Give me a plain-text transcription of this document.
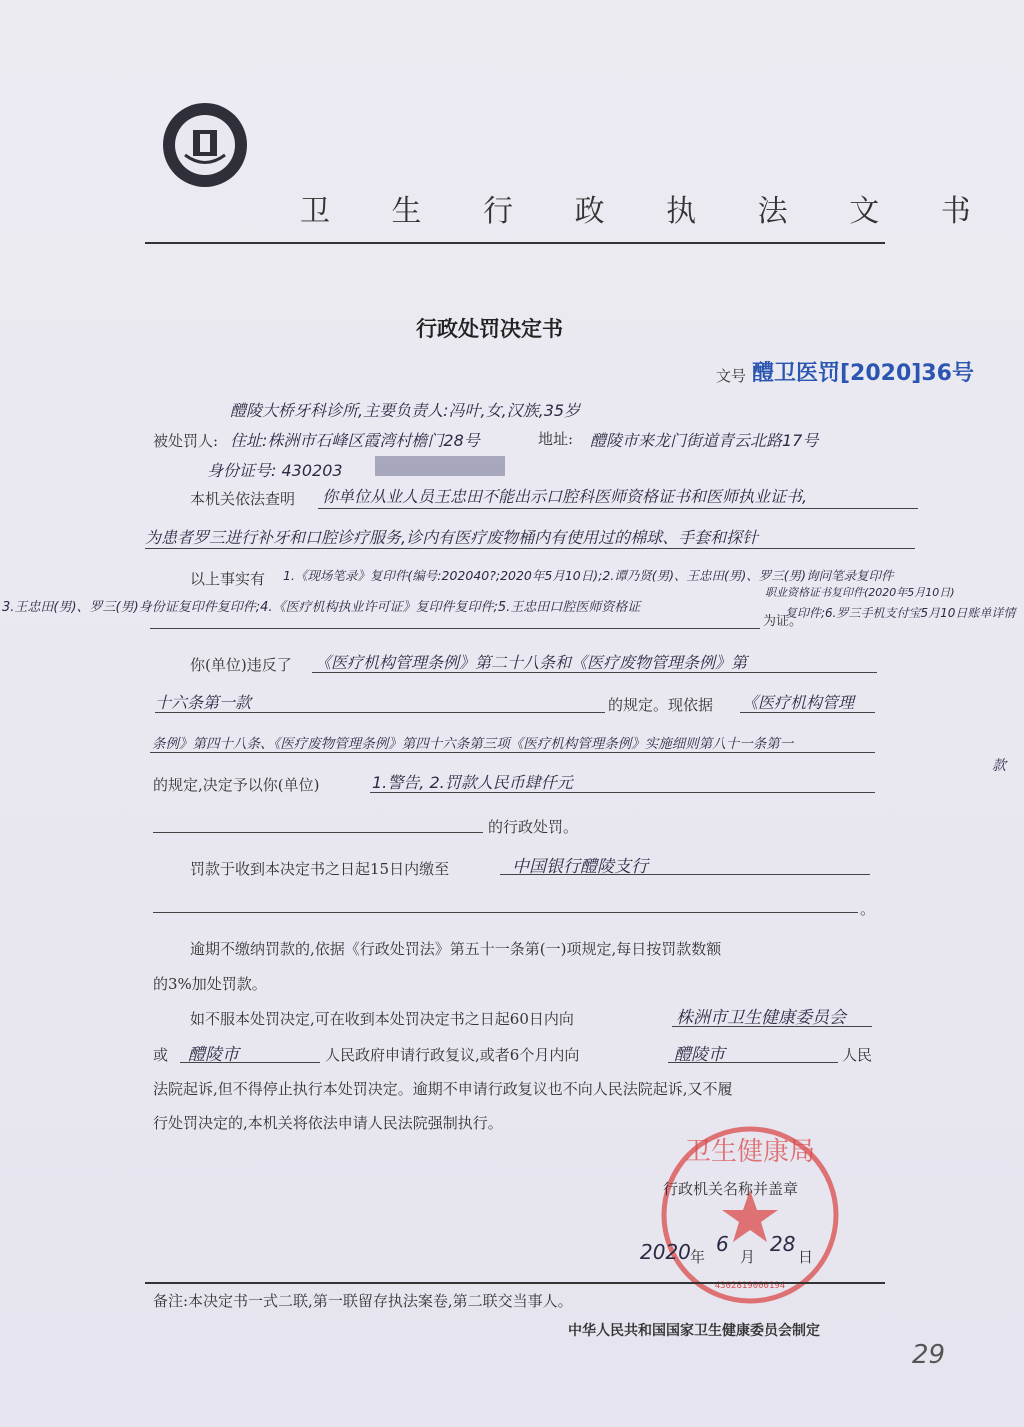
卫 生 行 政 执 法 文 书
行政处罚决定书
文号 醴卫医罚[2020]36号
醴陵大桥牙科诊所,主要负责人:冯叶,女,汉族,35岁
被处罚人: 住址:株洲市石峰区霞湾村檐门28号	地址: 醴陵市来龙门街道青云北路17号
身份证号: 430203
本机关依法查明 你单位从业人员王忠田不能出示口腔科医师资格证书和医师执业证书,
为患者罗三进行补牙和口腔诊疗服务,诊内有医疗废物桶内有使用过的棉球、手套和探针
以上事实有 1.《现场笔录》复印件(编号:202040?;2020年5月10日);2.谭乃贤(男)、王忠田(男)、罗三(男)询问笔录复印件
3.王忠田(男)、罗三(男)身份证复印件复印件;4.《医疗机构执业许可证》复印件复印件;5.王忠田口腔医师资格证
职业资格证书复印件(2020年5月10日)
复印件;6.罗三手机支付宝5月10日账单详情
为证。
你(单位)违反了 《医疗机构管理条例》第二十八条和《医疗废物管理条例》第
十六条第一款	的规定。现依据 《医疗机构管理
条例》第四十八条、《医疗废物管理条例》第四十六条第三项《医疗机构管理条例》实施细则第八十一条第一
款
的规定,决定予以你(单位)	1.警告, 2.罚款人民币肆仟元
的行政处罚。
罚款于收到本决定书之日起15日内缴至	中国银行醴陵支行
。
逾期不缴纳罚款的,依据《行政处罚法》第五十一条第(一)项规定,每日按罚款数额
的3%加处罚款。
如不服本处罚决定,可在收到本处罚决定书之日起60日内向	株洲市卫生健康委员会
或 醴陵市	人民政府申请行政复议,或者6个月内向	醴陵市	人民
法院起诉,但不得停止执行本处罚决定。逾期不申请行政复议也不向人民法院起诉,又不履
行处罚决定的,本机关将依法申请人民法院强制执行。
4302819000194
卫生健康局
行政机关名称并盖章
2020 年
6
月
28
日
备注:本决定书一式二联,第一联留存执法案卷,第二联交当事人。
中华人民共和国国家卫生健康委员会制定
29
